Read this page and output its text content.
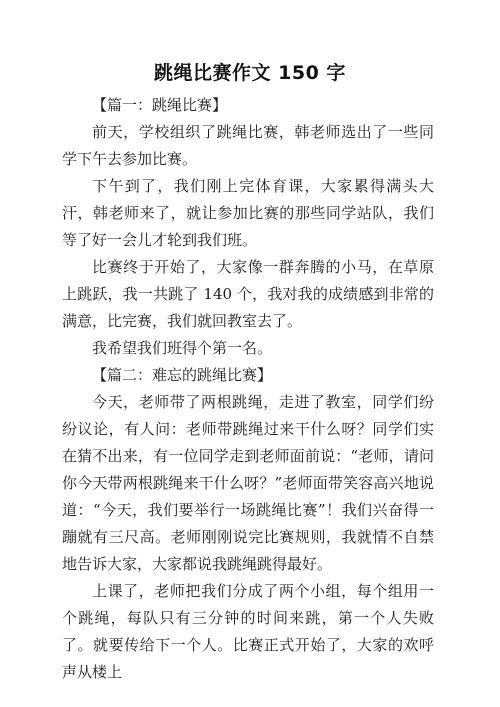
跳绳比赛作文 150 字

【篇一：跳绳比赛】

前天，学校组织了跳绳比赛，韩老师选出了一些同学下午去参加比赛。

下午到了，我们刚上完体育课，大家累得满头大汗，韩老师来了，就让参加比赛的那些同学站队，我们等了好一会儿才轮到我们班。

比赛终于开始了，大家像一群奔腾的小马，在草原上跳跃，我一共跳了 140 个，我对我的成绩感到非常的满意，比完赛，我们就回教室去了。

我希望我们班得个第一名。

【篇二：难忘的跳绳比赛】

今天，老师带了两根跳绳，走进了教室，同学们纷纷议论，有人问：老师带跳绳过来干什么呀？同学们实在猜不出来，有一位同学走到老师面前说：“老师，请问你今天带两根跳绳来干什么呀？”老师面带笑容高兴地说道：“今天，我们要举行一场跳绳比赛”！我们兴奋得一蹦就有三尺高。老师刚刚说完比赛规则，我就情不自禁地告诉大家，大家都说我跳绳跳得最好。

上课了，老师把我们分成了两个小组，每个组用一个跳绳，每队只有三分钟的时间来跳，第一个人失败了。就要传给下一个人。比赛正式开始了，大家的欢呼声从楼上
